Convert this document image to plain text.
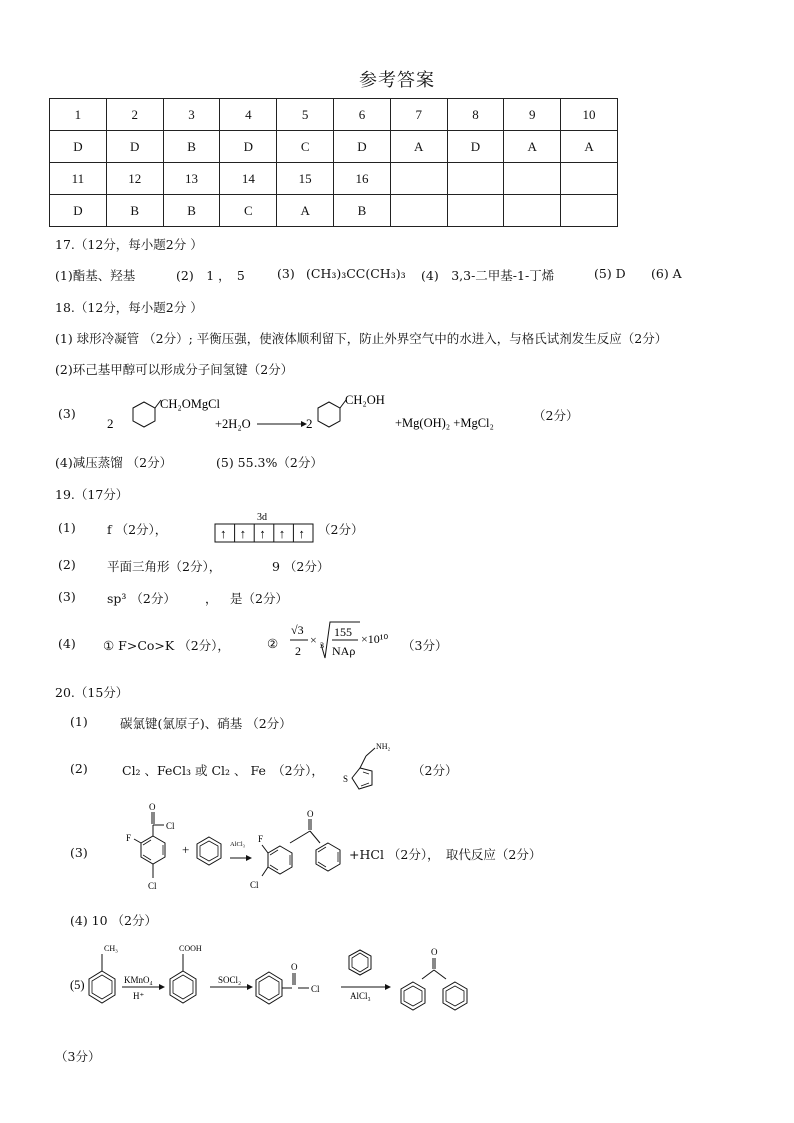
参考答案
1	2	3	4	5	6	7	8	9	10
D	D	B	D	C	D	A	D	A	A
11	12	13	14	15	16				
D	B	B	C	A	B				
17.（12分，每小题2分 ）
(1)酯基、羟基	(2)　1 ，　5	(3) (CH₃)₃CC(CH₃)₃ (4)　3,3-二甲基-1-丁烯	(5) D (6) A
18.（12分，每小题2分 ）
(1) 球形冷凝管 （2分）; 平衡压强，使液体顺利留下，防止外界空气中的水进入，与格氏试剂发生反应（2分）
(2)环己基甲醇可以形成分子间氢键（2分）
(3)
2
CH₂OMgCl
+2H₂O	2
CH₂OH
+Mg(OH)₂ +MgCl₂	（2分）
(4)减压蒸馏 （2分）	(5) 55.3%（2分）
19.（17分）
(1)	f （2分），
3d
↑ ↑ ↑ ↑ ↑ （2分）
(2)	平面三角形（2分），	9 （2分）
(3)	sp³ （2分） ， 是（2分）
(4) ① F>Co>K （2分），	②
√3
2
× 3
155
NAρ
×10¹⁰ （3分）
20.（15分）
(1)	碳氯键(氯原子)、硝基 （2分）
(2)	Cl₂ 、FeCl₃ 或 Cl₂ 、 Fe　（2分），
S
NH₂
（2分）
(3)
O
Cl
F
Cl
+	AlCl₃
O
F
Cl
+HCl （2分），　取代反应（2分）
(4) 10 （2分）
(5)
CH₃
KMnO₄
H⁺
COOH
SOCl₂
O
Cl
AlCl₃
O
（3分）
